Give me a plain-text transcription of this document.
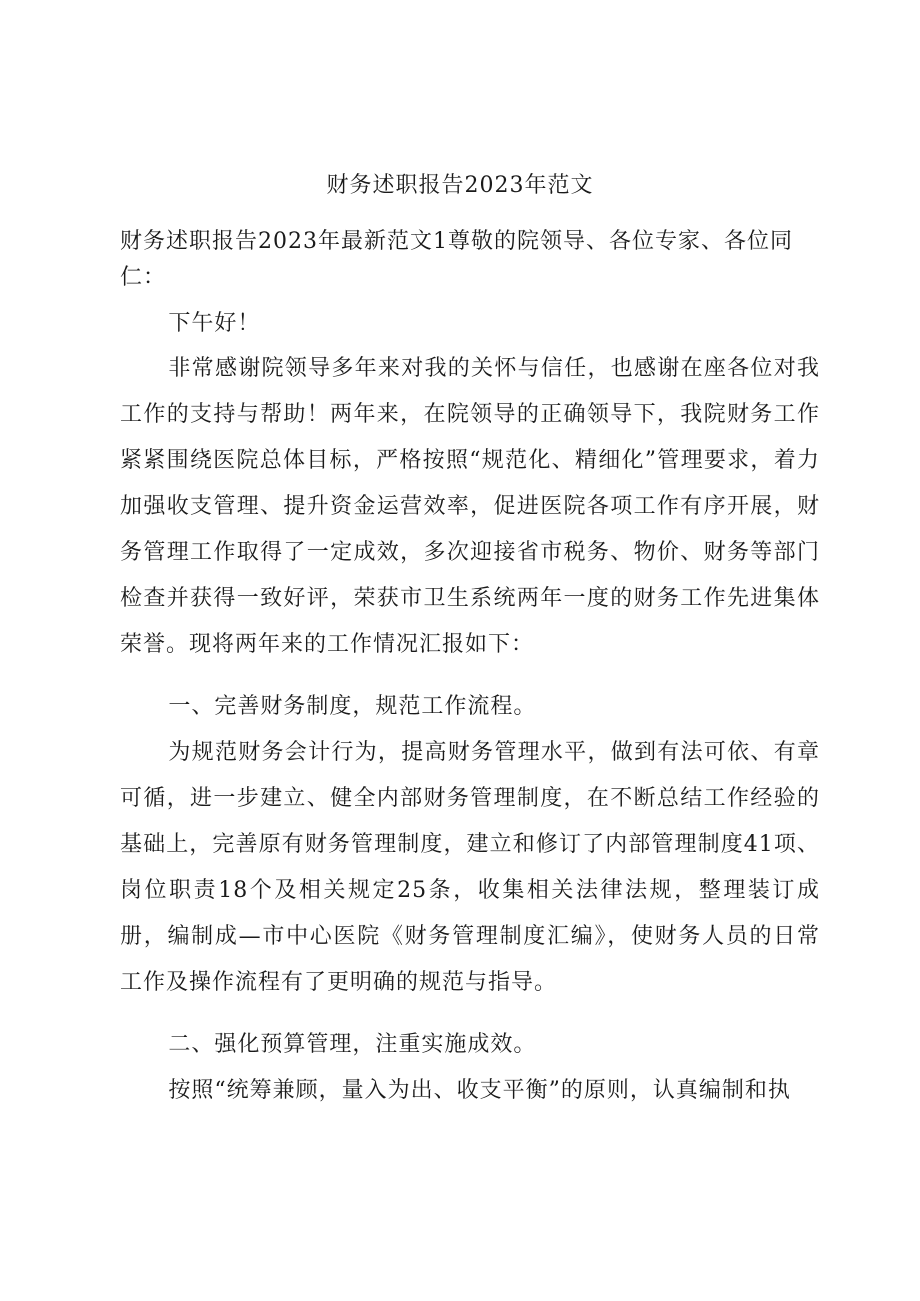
财务述职报告2023年范文
财务述职报告2023年最新范文1尊敬的院领导、各位专家、各位同仁：

下午好！

非常感谢院领导多年来对我的关怀与信任，也感谢在座各位对我工作的支持与帮助！两年来，在院领导的正确领导下，我院财务工作紧紧围绕医院总体目标，严格按照“规范化、精细化”管理要求，着力加强收支管理、提升资金运营效率，促进医院各项工作有序开展，财务管理工作取得了一定成效，多次迎接省市税务、物价、财务等部门检查并获得一致好评，荣获市卫生系统两年一度的财务工作先进集体荣誉。现将两年来的工作情况汇报如下：

一、完善财务制度，规范工作流程。

为规范财务会计行为，提高财务管理水平，做到有法可依、有章可循，进一步建立、健全内部财务管理制度，在不断总结工作经验的基础上，完善原有财务管理制度，建立和修订了内部管理制度41项、岗位职责18个及相关规定25条，收集相关法律法规，整理装订成册，编制成—市中心医院《财务管理制度汇编》，使财务人员的日常工作及操作流程有了更明确的规范与指导。

二、强化预算管理，注重实施成效。

按照“统筹兼顾，量入为出、收支平衡”的原则，认真编制和执
